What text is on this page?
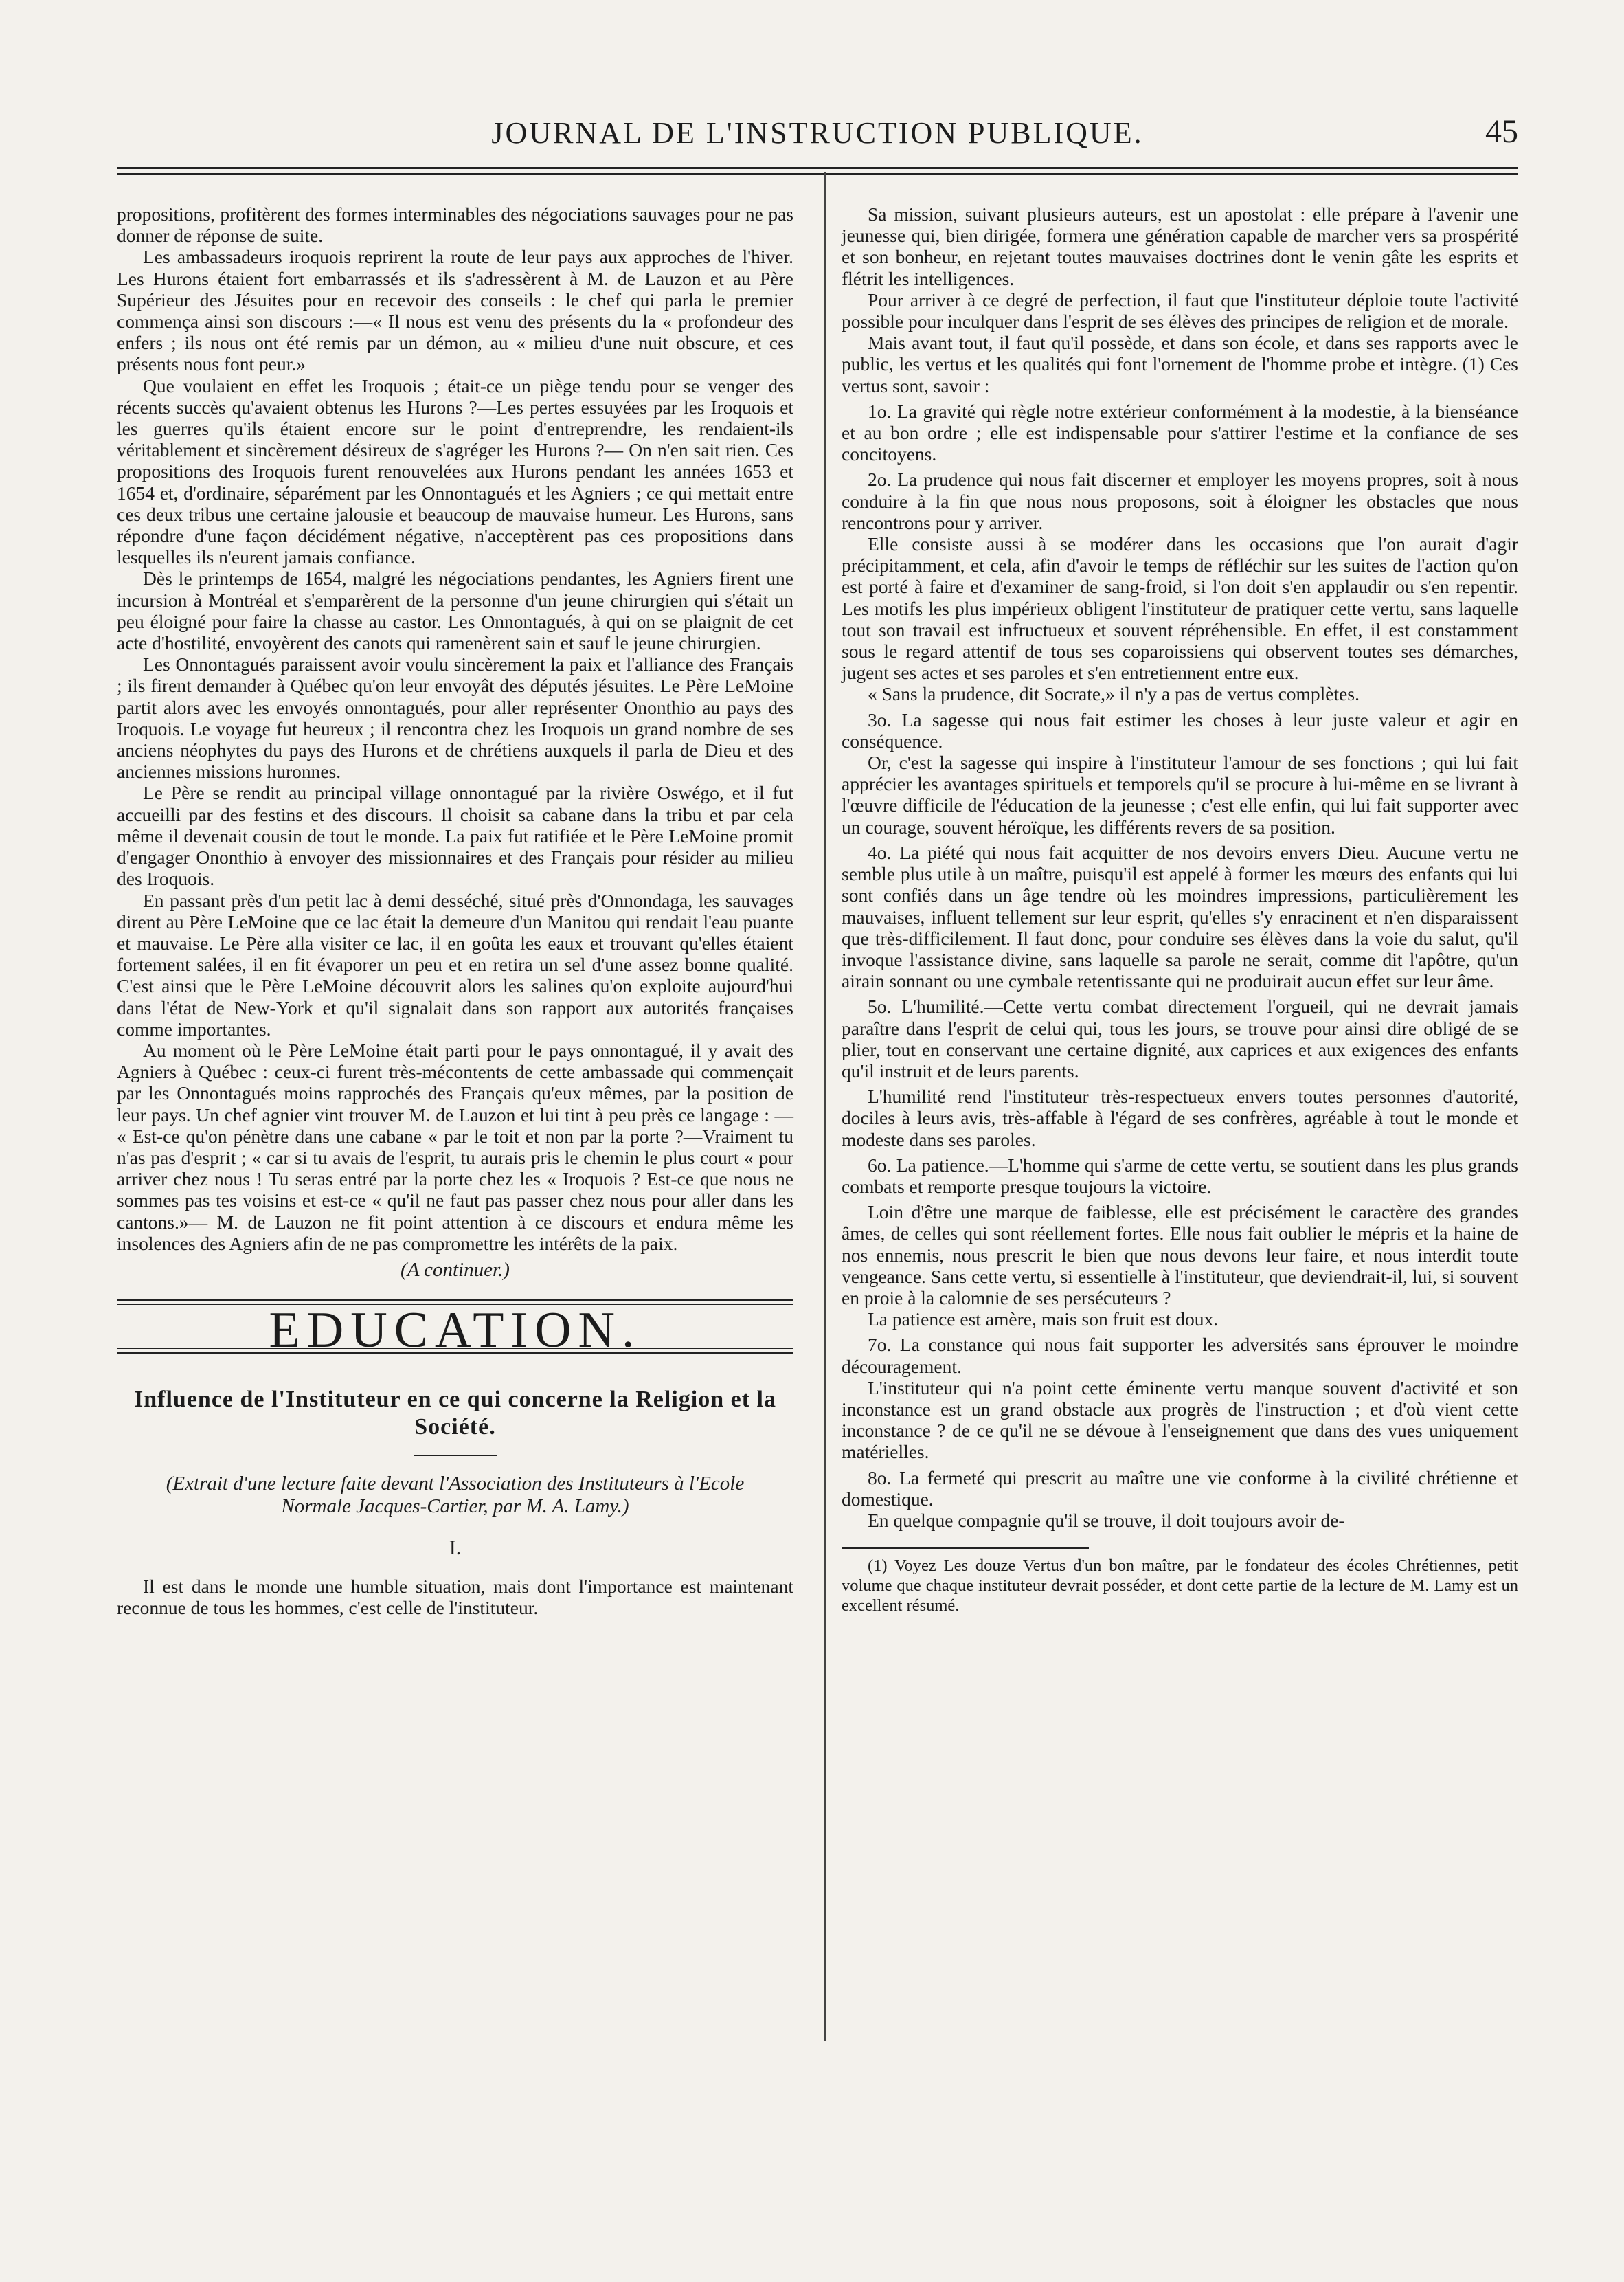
JOURNAL DE L'INSTRUCTION PUBLIQUE.	45

propositions, profitèrent des formes interminables des négociations sauvages pour ne pas donner de réponse de suite.

Les ambassadeurs iroquois reprirent la route de leur pays aux approches de l'hiver. Les Hurons étaient fort embarrassés et ils s'adressèrent à M. de Lauzon et au Père Supérieur des Jésuites pour en recevoir des conseils : le chef qui parla le premier commença ainsi son discours :—« Il nous est venu des présents du la « profondeur des enfers ; ils nous ont été remis par un démon, au « milieu d'une nuit obscure, et ces présents nous font peur.»

Que voulaient en effet les Iroquois ; était-ce un piège tendu pour se venger des récents succès qu'avaient obtenus les Hurons ?—Les pertes essuyées par les Iroquois et les guerres qu'ils étaient encore sur le point d'entreprendre, les rendaient-ils véritablement et sincèrement désireux de s'agréger les Hurons ?— On n'en sait rien. Ces propositions des Iroquois furent renouvelées aux Hurons pendant les années 1653 et 1654 et, d'ordinaire, séparément par les Onnontagués et les Agniers ; ce qui mettait entre ces deux tribus une certaine jalousie et beaucoup de mauvaise humeur. Les Hurons, sans répondre d'une façon décidément négative, n'acceptèrent pas ces propositions dans lesquelles ils n'eurent jamais confiance.

Dès le printemps de 1654, malgré les négociations pendantes, les Agniers firent une incursion à Montréal et s'emparèrent de la personne d'un jeune chirurgien qui s'était un peu éloigné pour faire la chasse au castor. Les Onnontagués, à qui on se plaignit de cet acte d'hostilité, envoyèrent des canots qui ramenèrent sain et sauf le jeune chirurgien.

Les Onnontagués paraissent avoir voulu sincèrement la paix et l'alliance des Français ; ils firent demander à Québec qu'on leur envoyât des députés jésuites. Le Père LeMoine partit alors avec les envoyés onnontagués, pour aller représenter Ononthio au pays des Iroquois. Le voyage fut heureux ; il rencontra chez les Iroquois un grand nombre de ses anciens néophytes du pays des Hurons et de chrétiens auxquels il parla de Dieu et des anciennes missions huronnes.

Le Père se rendit au principal village onnontagué par la rivière Oswégo, et il fut accueilli par des festins et des discours. Il choisit sa cabane dans la tribu et par cela même il devenait cousin de tout le monde. La paix fut ratifiée et le Père LeMoine promit d'engager Ononthio à envoyer des missionnaires et des Français pour résider au milieu des Iroquois.

En passant près d'un petit lac à demi desséché, situé près d'Onnondaga, les sauvages dirent au Père LeMoine que ce lac était la demeure d'un Manitou qui rendait l'eau puante et mauvaise. Le Père alla visiter ce lac, il en goûta les eaux et trouvant qu'elles étaient fortement salées, il en fit évaporer un peu et en retira un sel d'une assez bonne qualité. C'est ainsi que le Père LeMoine découvrit alors les salines qu'on exploite aujourd'hui dans l'état de New-York et qu'il signalait dans son rapport aux autorités françaises comme importantes.

Au moment où le Père LeMoine était parti pour le pays onnontagué, il y avait des Agniers à Québec : ceux-ci furent très-mécontents de cette ambassade qui commençait par les Onnontagués moins rapprochés des Français qu'eux mêmes, par la position de leur pays. Un chef agnier vint trouver M. de Lauzon et lui tint à peu près ce langage : — « Est-ce qu'on pénètre dans une cabane « par le toit et non par la porte ?—Vraiment tu n'as pas d'esprit ; « car si tu avais de l'esprit, tu aurais pris le chemin le plus court « pour arriver chez nous ! Tu seras entré par la porte chez les « Iroquois ? Est-ce que nous ne sommes pas tes voisins et est-ce « qu'il ne faut pas passer chez nous pour aller dans les cantons.»— M. de Lauzon ne fit point attention à ce discours et endura même les insolences des Agniers afin de ne pas compromettre les intérêts de la paix.

(A continuer.)
EDUCATION.
Influence de l'Instituteur en ce qui concerne la Religion et la Société.
(Extrait d'une lecture faite devant l'Association des Instituteurs à l'Ecole Normale Jacques-Cartier, par M. A. Lamy.)
I.

Il est dans le monde une humble situation, mais dont l'importance est maintenant reconnue de tous les hommes, c'est celle de l'instituteur.

Sa mission, suivant plusieurs auteurs, est un apostolat : elle prépare à l'avenir une jeunesse qui, bien dirigée, formera une génération capable de marcher vers sa prospérité et son bonheur, en rejetant toutes mauvaises doctrines dont le venin gâte les esprits et flétrit les intelligences.

Pour arriver à ce degré de perfection, il faut que l'instituteur déploie toute l'activité possible pour inculquer dans l'esprit de ses élèves des principes de religion et de morale.

Mais avant tout, il faut qu'il possède, et dans son école, et dans ses rapports avec le public, les vertus et les qualités qui font l'ornement de l'homme probe et intègre. (1) Ces vertus sont, savoir :

1o. La gravité qui règle notre extérieur conformément à la modestie, à la bienséance et au bon ordre ; elle est indispensable pour s'attirer l'estime et la confiance de ses concitoyens.

2o. La prudence qui nous fait discerner et employer les moyens propres, soit à nous conduire à la fin que nous nous proposons, soit à éloigner les obstacles que nous rencontrons pour y arriver.

Elle consiste aussi à se modérer dans les occasions que l'on aurait d'agir précipitamment, et cela, afin d'avoir le temps de réfléchir sur les suites de l'action qu'on est porté à faire et d'examiner de sang-froid, si l'on doit s'en applaudir ou s'en repentir. Les motifs les plus impérieux obligent l'instituteur de pratiquer cette vertu, sans laquelle tout son travail est infructueux et souvent répréhensible. En effet, il est constamment sous le regard attentif de tous ses coparoissiens qui observent toutes ses démarches, jugent ses actes et ses paroles et s'en entretiennent entre eux.

« Sans la prudence, dit Socrate,» il n'y a pas de vertus complètes.

3o. La sagesse qui nous fait estimer les choses à leur juste valeur et agir en conséquence.

Or, c'est la sagesse qui inspire à l'instituteur l'amour de ses fonctions ; qui lui fait apprécier les avantages spirituels et temporels qu'il se procure à lui-même en se livrant à l'œuvre difficile de l'éducation de la jeunesse ; c'est elle enfin, qui lui fait supporter avec un courage, souvent héroïque, les différents revers de sa position.

4o. La piété qui nous fait acquitter de nos devoirs envers Dieu. Aucune vertu ne semble plus utile à un maître, puisqu'il est appelé à former les mœurs des enfants qui lui sont confiés dans un âge tendre où les moindres impressions, particulièrement les mauvaises, influent tellement sur leur esprit, qu'elles s'y enracinent et n'en disparaissent que très-difficilement. Il faut donc, pour conduire ses élèves dans la voie du salut, qu'il invoque l'assistance divine, sans laquelle sa parole ne serait, comme dit l'apôtre, qu'un airain sonnant ou une cymbale retentissante qui ne produirait aucun effet sur leur âme.

5o. L'humilité.—Cette vertu combat directement l'orgueil, qui ne devrait jamais paraître dans l'esprit de celui qui, tous les jours, se trouve pour ainsi dire obligé de se plier, tout en conservant une certaine dignité, aux caprices et aux exigences des enfants qu'il instruit et de leurs parents.

L'humilité rend l'instituteur très-respectueux envers toutes personnes d'autorité, dociles à leurs avis, très-affable à l'égard de ses confrères, agréable à tout le monde et modeste dans ses paroles.

6o. La patience.—L'homme qui s'arme de cette vertu, se soutient dans les plus grands combats et remporte presque toujours la victoire.

Loin d'être une marque de faiblesse, elle est précisément le caractère des grandes âmes, de celles qui sont réellement fortes. Elle nous fait oublier le mépris et la haine de nos ennemis, nous prescrit le bien que nous devons leur faire, et nous interdit toute vengeance. Sans cette vertu, si essentielle à l'instituteur, que deviendrait-il, lui, si souvent en proie à la calomnie de ses persécuteurs ?

La patience est amère, mais son fruit est doux.

7o. La constance qui nous fait supporter les adversités sans éprouver le moindre découragement.

L'instituteur qui n'a point cette éminente vertu manque souvent d'activité et son inconstance est un grand obstacle aux progrès de l'instruction ; et d'où vient cette inconstance ? de ce qu'il ne se dévoue à l'enseignement que dans des vues uniquement matérielles.

8o. La fermeté qui prescrit au maître une vie conforme à la civilité chrétienne et domestique.

En quelque compagnie qu'il se trouve, il doit toujours avoir de-

(1) Voyez Les douze Vertus d'un bon maître, par le fondateur des écoles Chrétiennes, petit volume que chaque instituteur devrait posséder, et dont cette partie de la lecture de M. Lamy est un excellent résumé.
